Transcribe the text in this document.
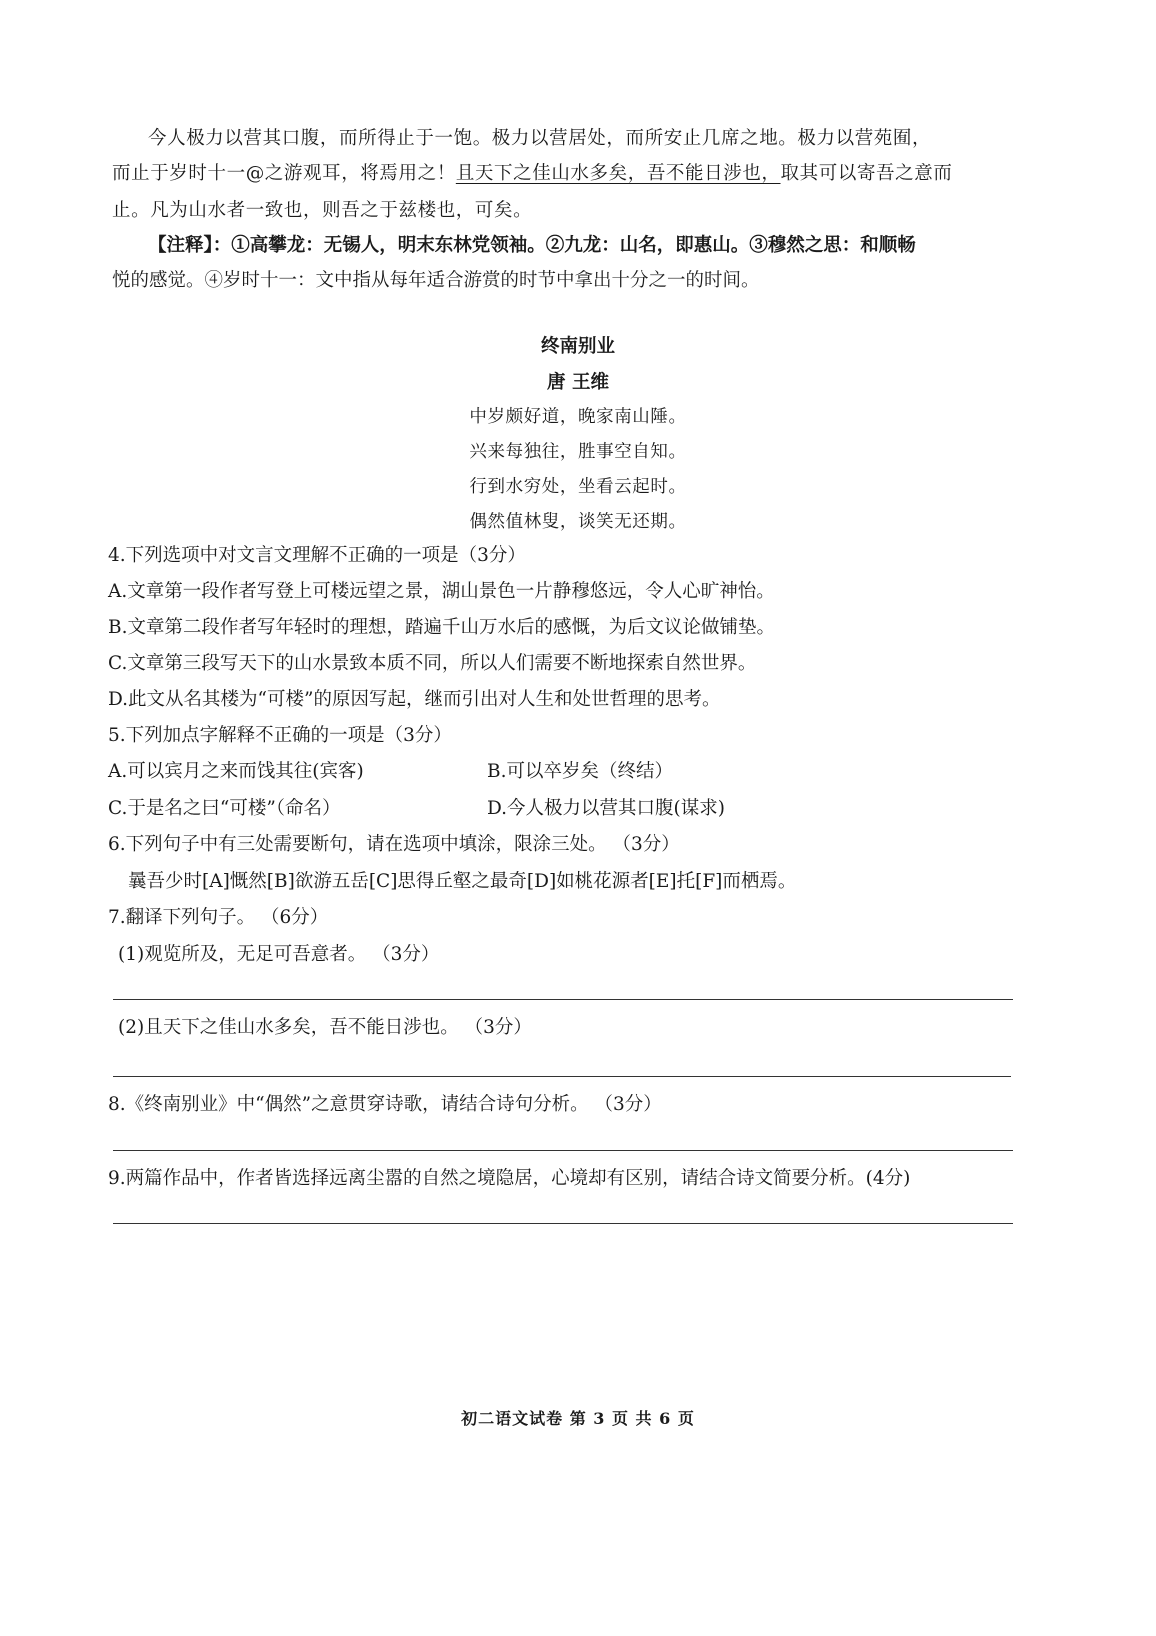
今人极力以营其口腹，而所得止于一饱。极力以营居处，而所安止几席之地。极力以营苑囿，
而止于岁时十一@之游观耳，将焉用之！且天下之佳山水多矣，吾不能日涉也，取其可以寄吾之意而
止。凡为山水者一致也，则吾之于兹楼也，可矣。
【注释】：①高攀龙：无锡人，明末东林党领袖。②九龙：山名，即惠山。③穆然之思：和顺畅
悦的感觉。④岁时十一：文中指从每年适合游赏的时节中拿出十分之一的时间。
终南别业
唐 王维
中岁颇好道，晚家南山陲。
兴来每独往，胜事空自知。
行到水穷处，坐看云起时。
偶然值林叟，谈笑无还期。
4.下列选项中对文言文理解不正确的一项是（3分）
A.文章第一段作者写登上可楼远望之景，湖山景色一片静穆悠远，令人心旷神怡。
B.文章第二段作者写年轻时的理想，踏遍千山万水后的感慨，为后文议论做铺垫。
C.文章第三段写天下的山水景致本质不同，所以人们需要不断地探索自然世界。
D.此文从名其楼为“可楼”的原因写起，继而引出对人生和处世哲理的思考。
5.下列加点字解释不正确的一项是（3分）
A.可以宾月之来而饯其往(宾客)	B.可以卒岁矣（终结）
C.于是名之曰“可楼”（命名）	D.今人极力以营其口腹(谋求)
6.下列句子中有三处需要断句，请在选项中填涂，限涂三处。 （3分）
曩吾少时[A]慨然[B]欲游五岳[C]思得丘壑之最奇[D]如桃花源者[E]托[F]而栖焉。
7.翻译下列句子。 （6分）
(1)观览所及，无足可吾意者。 （3分）
(2)且天下之佳山水多矣，吾不能日涉也。 （3分）
8.《终南别业》中“偶然”之意贯穿诗歌，请结合诗句分析。 （3分）
9.两篇作品中，作者皆选择远离尘嚣的自然之境隐居，心境却有区别，请结合诗文简要分析。(4分)
初二语文试卷 第 3 页 共 6 页
